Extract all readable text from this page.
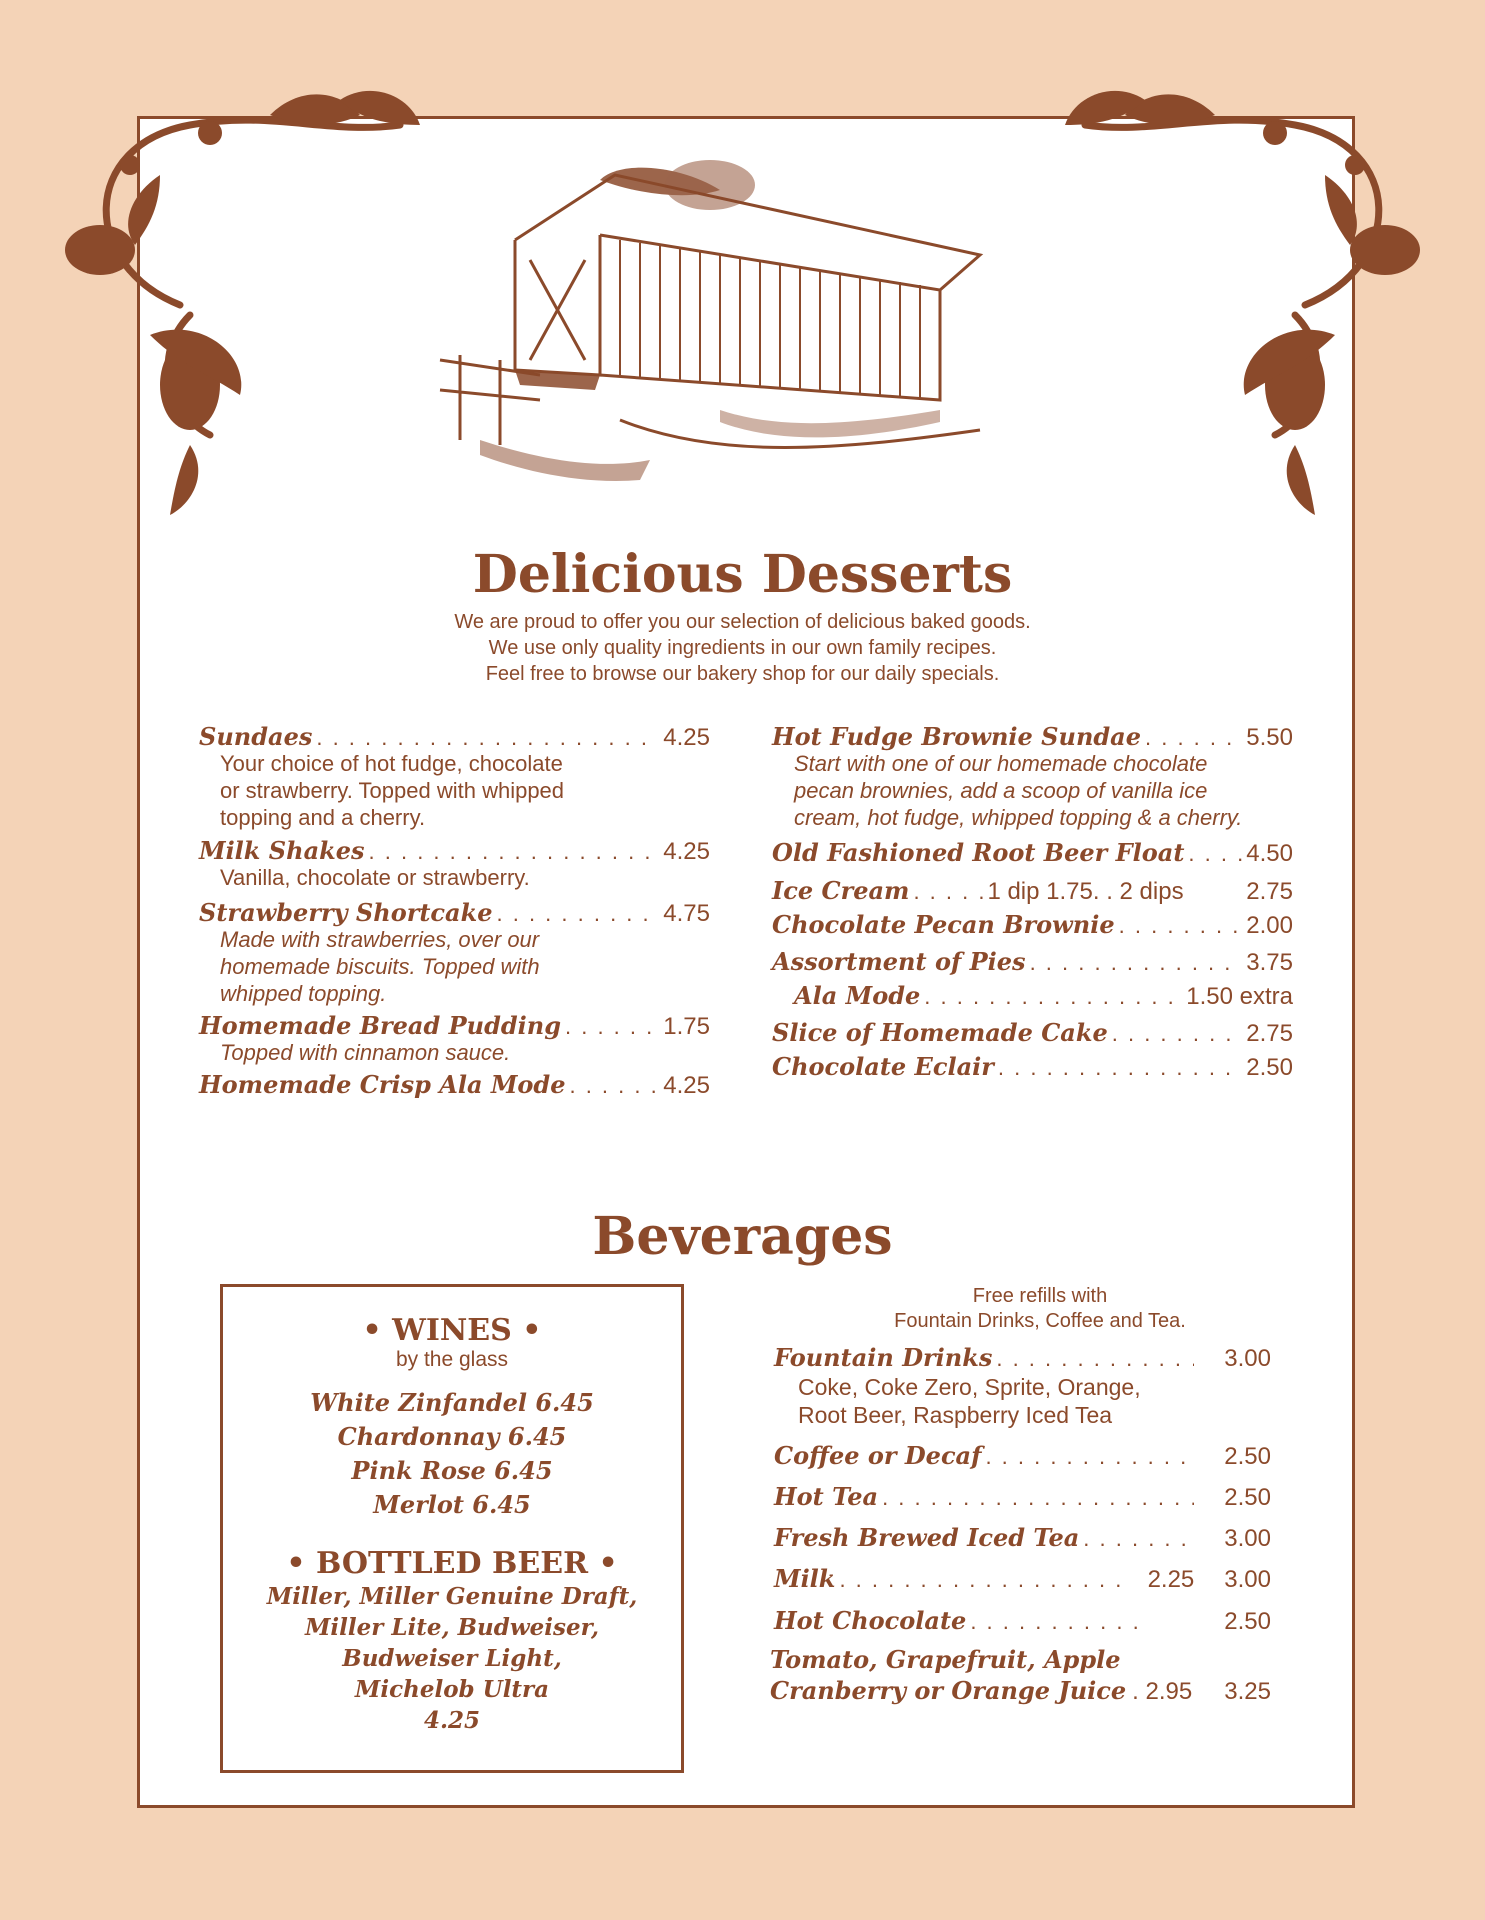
Delicious Desserts
We are proud to offer you our selection of delicious baked goods.
We use only quality ingredients in our own family recipes.
Feel free to browse our bakery shop for our daily specials.
Sundaes . . .	4.25
Your choice of hot fudge, chocolate
or strawberry. Topped with whipped
topping and a cherry.
Milk Shakes . . .	4.25
Vanilla, chocolate or strawberry.
Strawberry Shortcake . . .	4.75
Made with strawberries, over our
homemade biscuits. Topped with
whipped topping.
Homemade Bread Pudding . . .	1.75
Topped with cinnamon sauce.
Homemade Crisp Ala Mode . . .	4.25
Hot Fudge Brownie Sundae . . .	5.50
Start with one of our homemade chocolate
pecan brownies, add a scoop of vanilla ice
cream, hot fudge, whipped topping & a cherry.
Old Fashioned Root Beer Float . . .	4.50
Ice Cream . . .	1 dip 1.75. . 2 dips	2.75
Chocolate Pecan Brownie . . .	2.00
Assortment of Pies . . .	3.75
Ala Mode . . .	1.50 extra
Slice of Homemade Cake . . .	2.75
Chocolate Eclair . . .	2.50
Beverages
• WINES •
by the glass
White Zinfandel 6.45
Chardonnay 6.45
Pink Rose 6.45
Merlot 6.45
• BOTTLED BEER •
Miller, Miller Genuine Draft,
Miller Lite, Budweiser,
Budweiser Light,
Michelob Ultra
4.25
Free refills with
Fountain Drinks, Coffee and Tea.
Fountain Drinks . . .	3.00
Coke, Coke Zero, Sprite, Orange,
Root Beer, Raspberry Iced Tea
Coffee or Decaf . . .	2.50
Hot Tea . . .	2.50
Fresh Brewed Iced Tea . . .	3.00
Milk . . .	2.25 3.00
Hot Chocolate . . .	2.50
Tomato, Grapefruit, Apple
Cranberry or Orange Juice . 2.95 3.25
